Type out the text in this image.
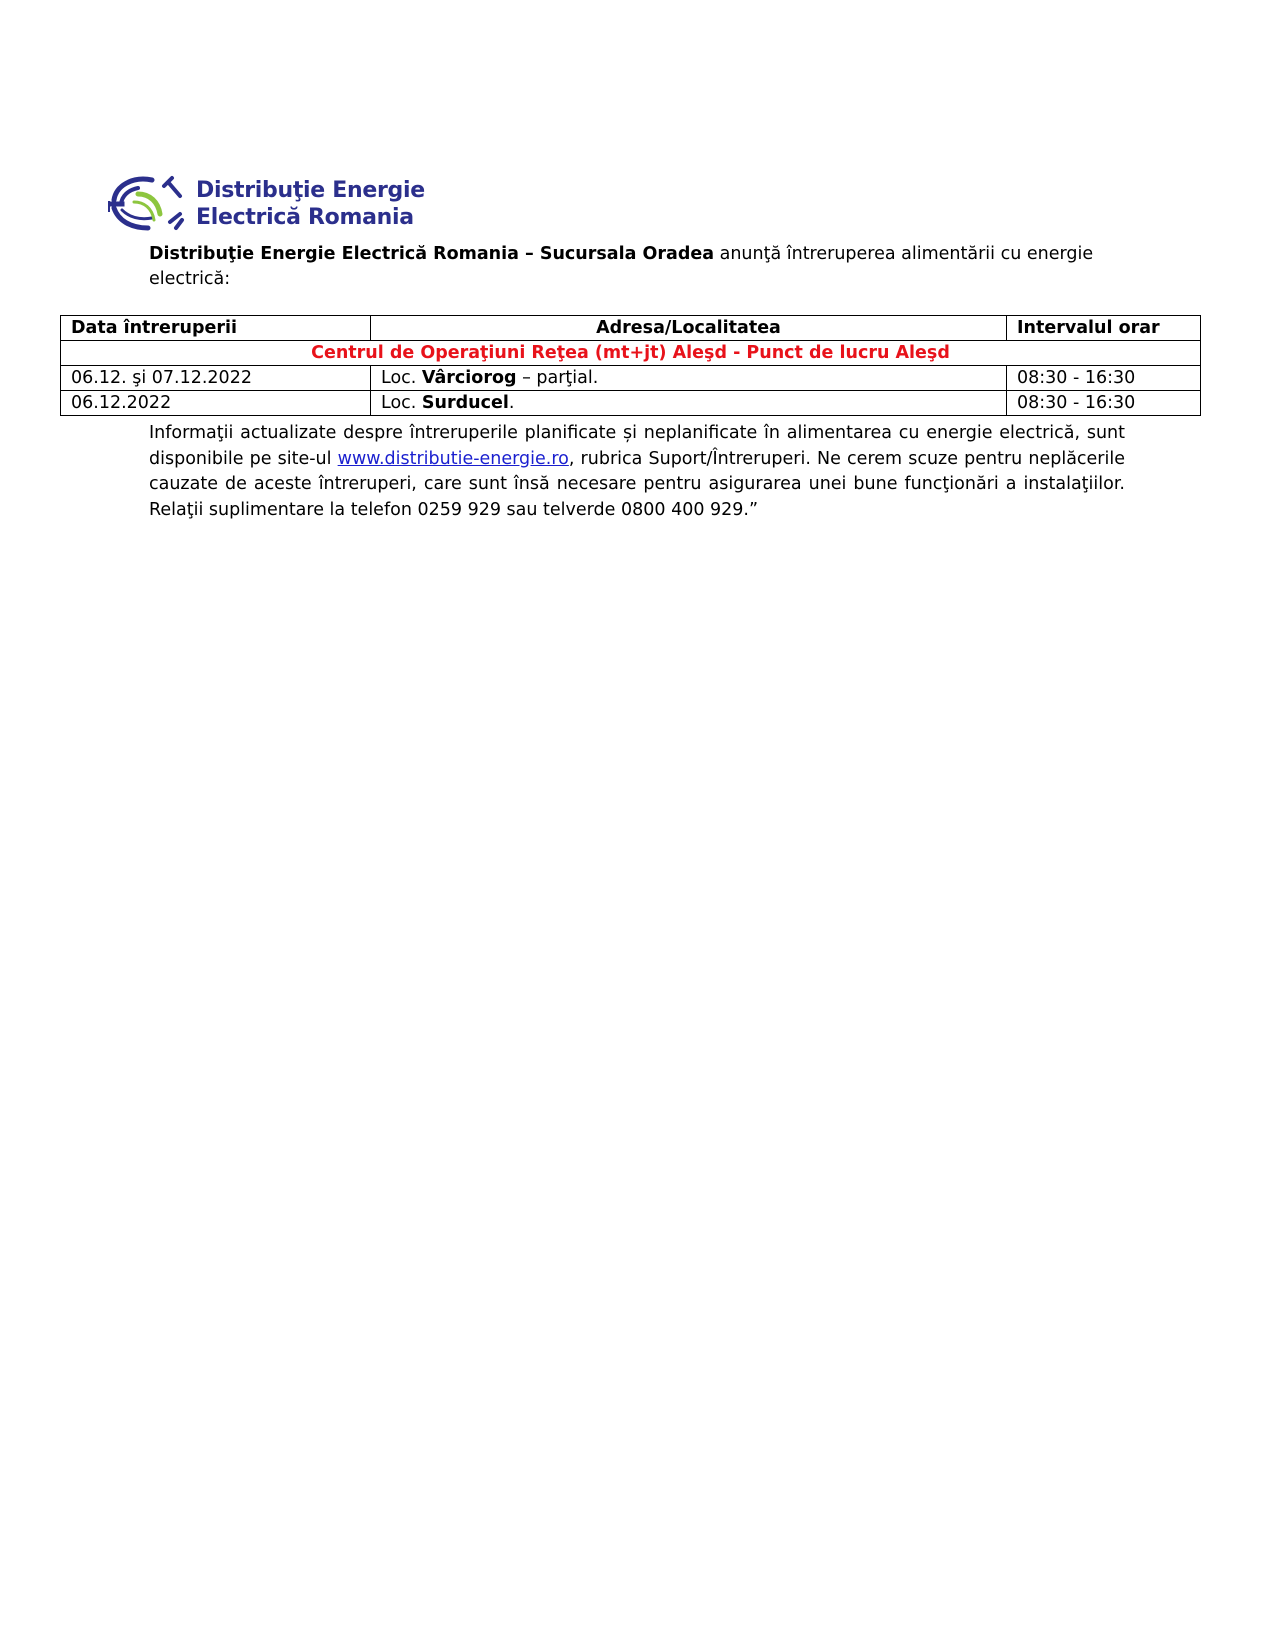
Distribuţie Energie
Electrică Romania
Distribuţie Energie Electrică Romania – Sucursala Oradea anunţă întreruperea alimentării cu energie electrică:
Data întreruperii	Adresa/Localitatea	Intervalul orar
Centrul de Operaţiuni Reţea (mt+jt) Aleşd - Punct de lucru Aleşd		
06.12. şi 07.12.2022	Loc. Vârciorog – parţial.	08:30 - 16:30
06.12.2022	Loc. Surducel.	08:30 - 16:30
Informaţii actualizate despre întreruperile planificate și neplanificate în alimentarea cu energie electrică, sunt disponibile pe site-ul www.distributie-energie.ro, rubrica Suport/Întreruperi. Ne cerem scuze pentru neplăcerile cauzate de aceste întreruperi, care sunt însă necesare pentru asigurarea unei bune funcţionări a instalaţiilor. Relaţii suplimentare la telefon 0259 929 sau telverde 0800 400 929.”
